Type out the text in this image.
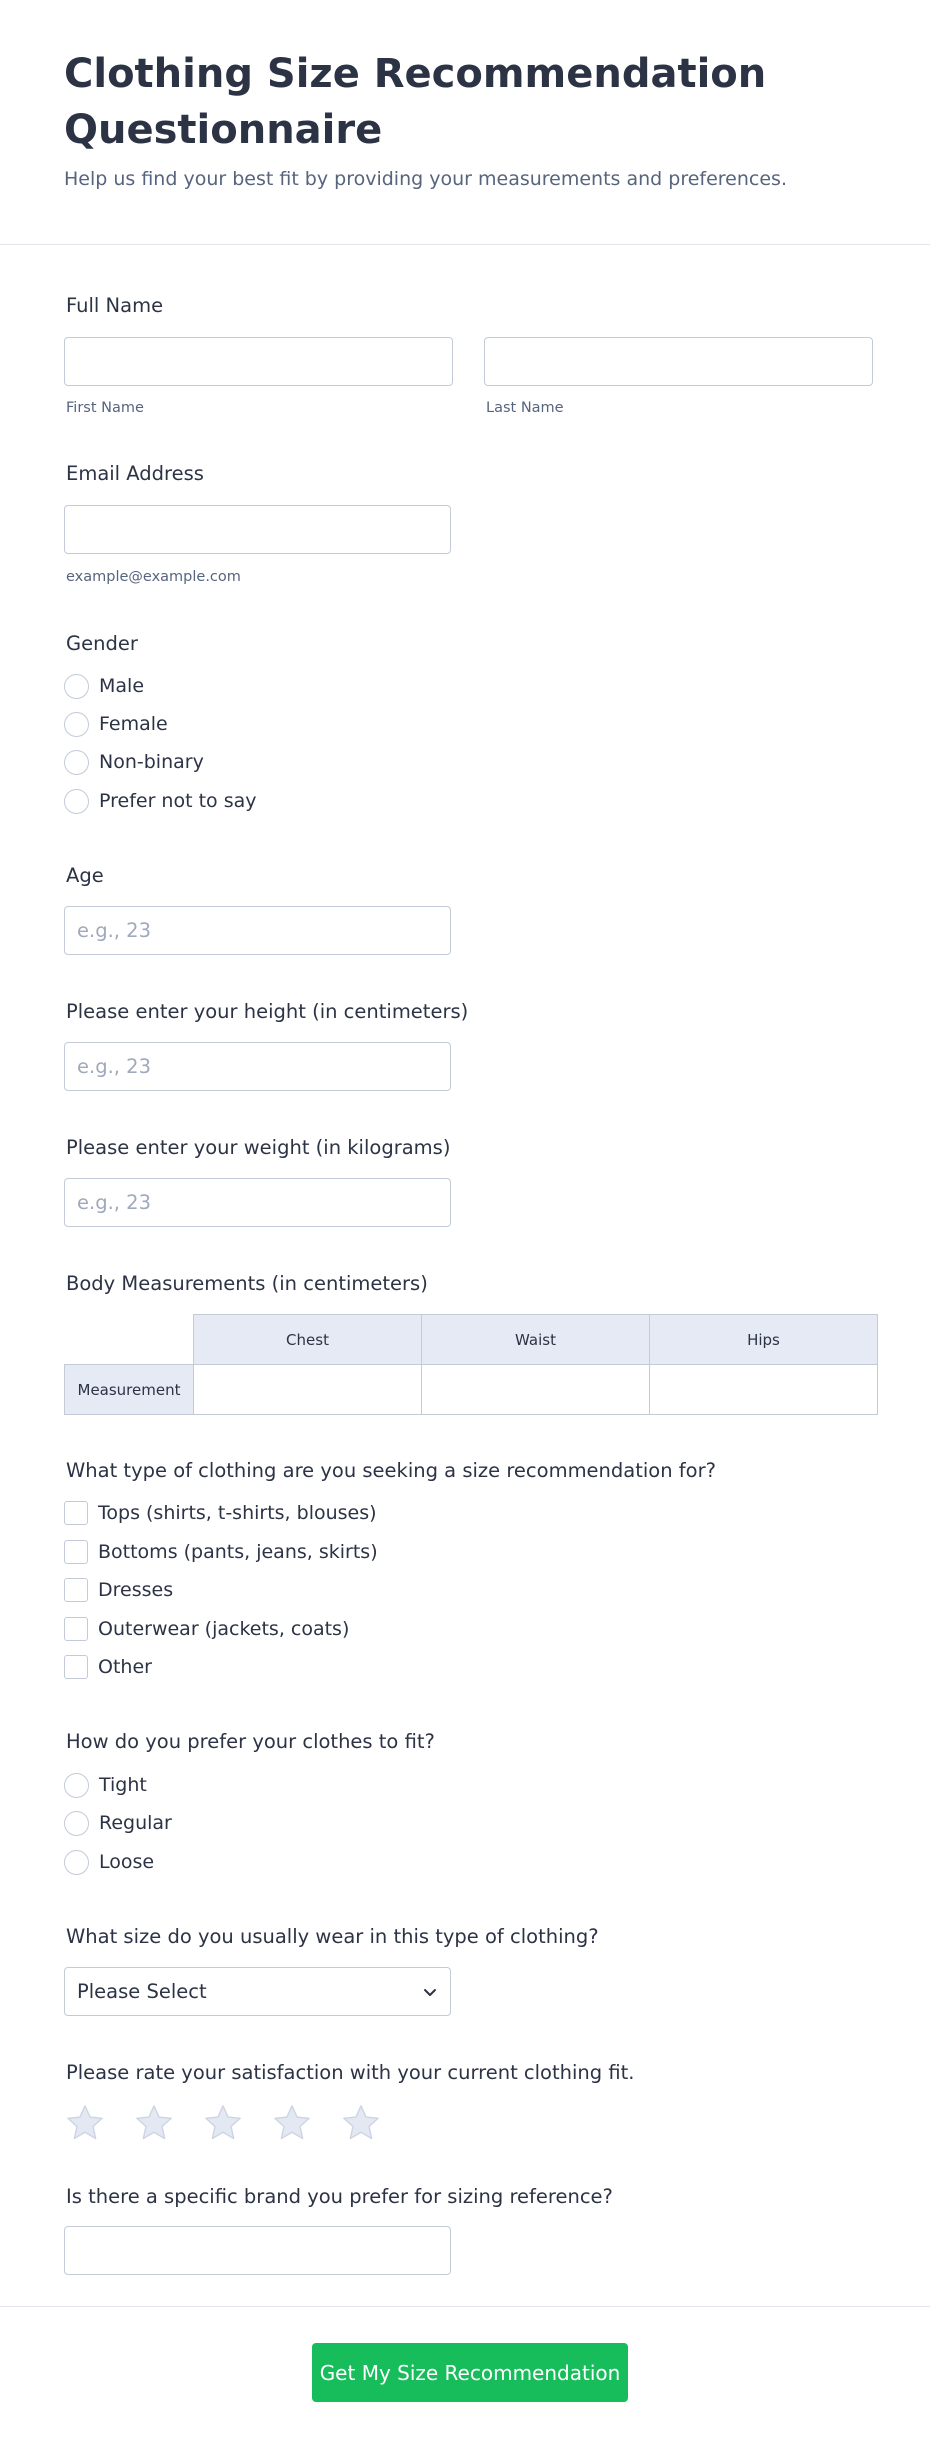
Clothing Size Recommendation Questionnaire

Help us find your best fit by providing your measurements and preferences.

Full Name
First Name	Last Name
Email Address
example@example.com
Gender
Male
Female
Non-binary
Prefer not to say
Age
e.g., 23
Please enter your height (in centimeters)
e.g., 23
Please enter your weight (in kilograms)
e.g., 23
Body Measurements (in centimeters)
	Chest	Waist	Hips
Measurement			
What type of clothing are you seeking a size recommendation for?
Tops (shirts, t-shirts, blouses)
Bottoms (pants, jeans, skirts)
Dresses
Outerwear (jackets, coats)
Other
How do you prefer your clothes to fit?
Tight
Regular
Loose
What size do you usually wear in this type of clothing?
Please Select
Please rate your satisfaction with your current clothing fit.
Is there a specific brand you prefer for sizing reference?
Get My Size Recommendation
